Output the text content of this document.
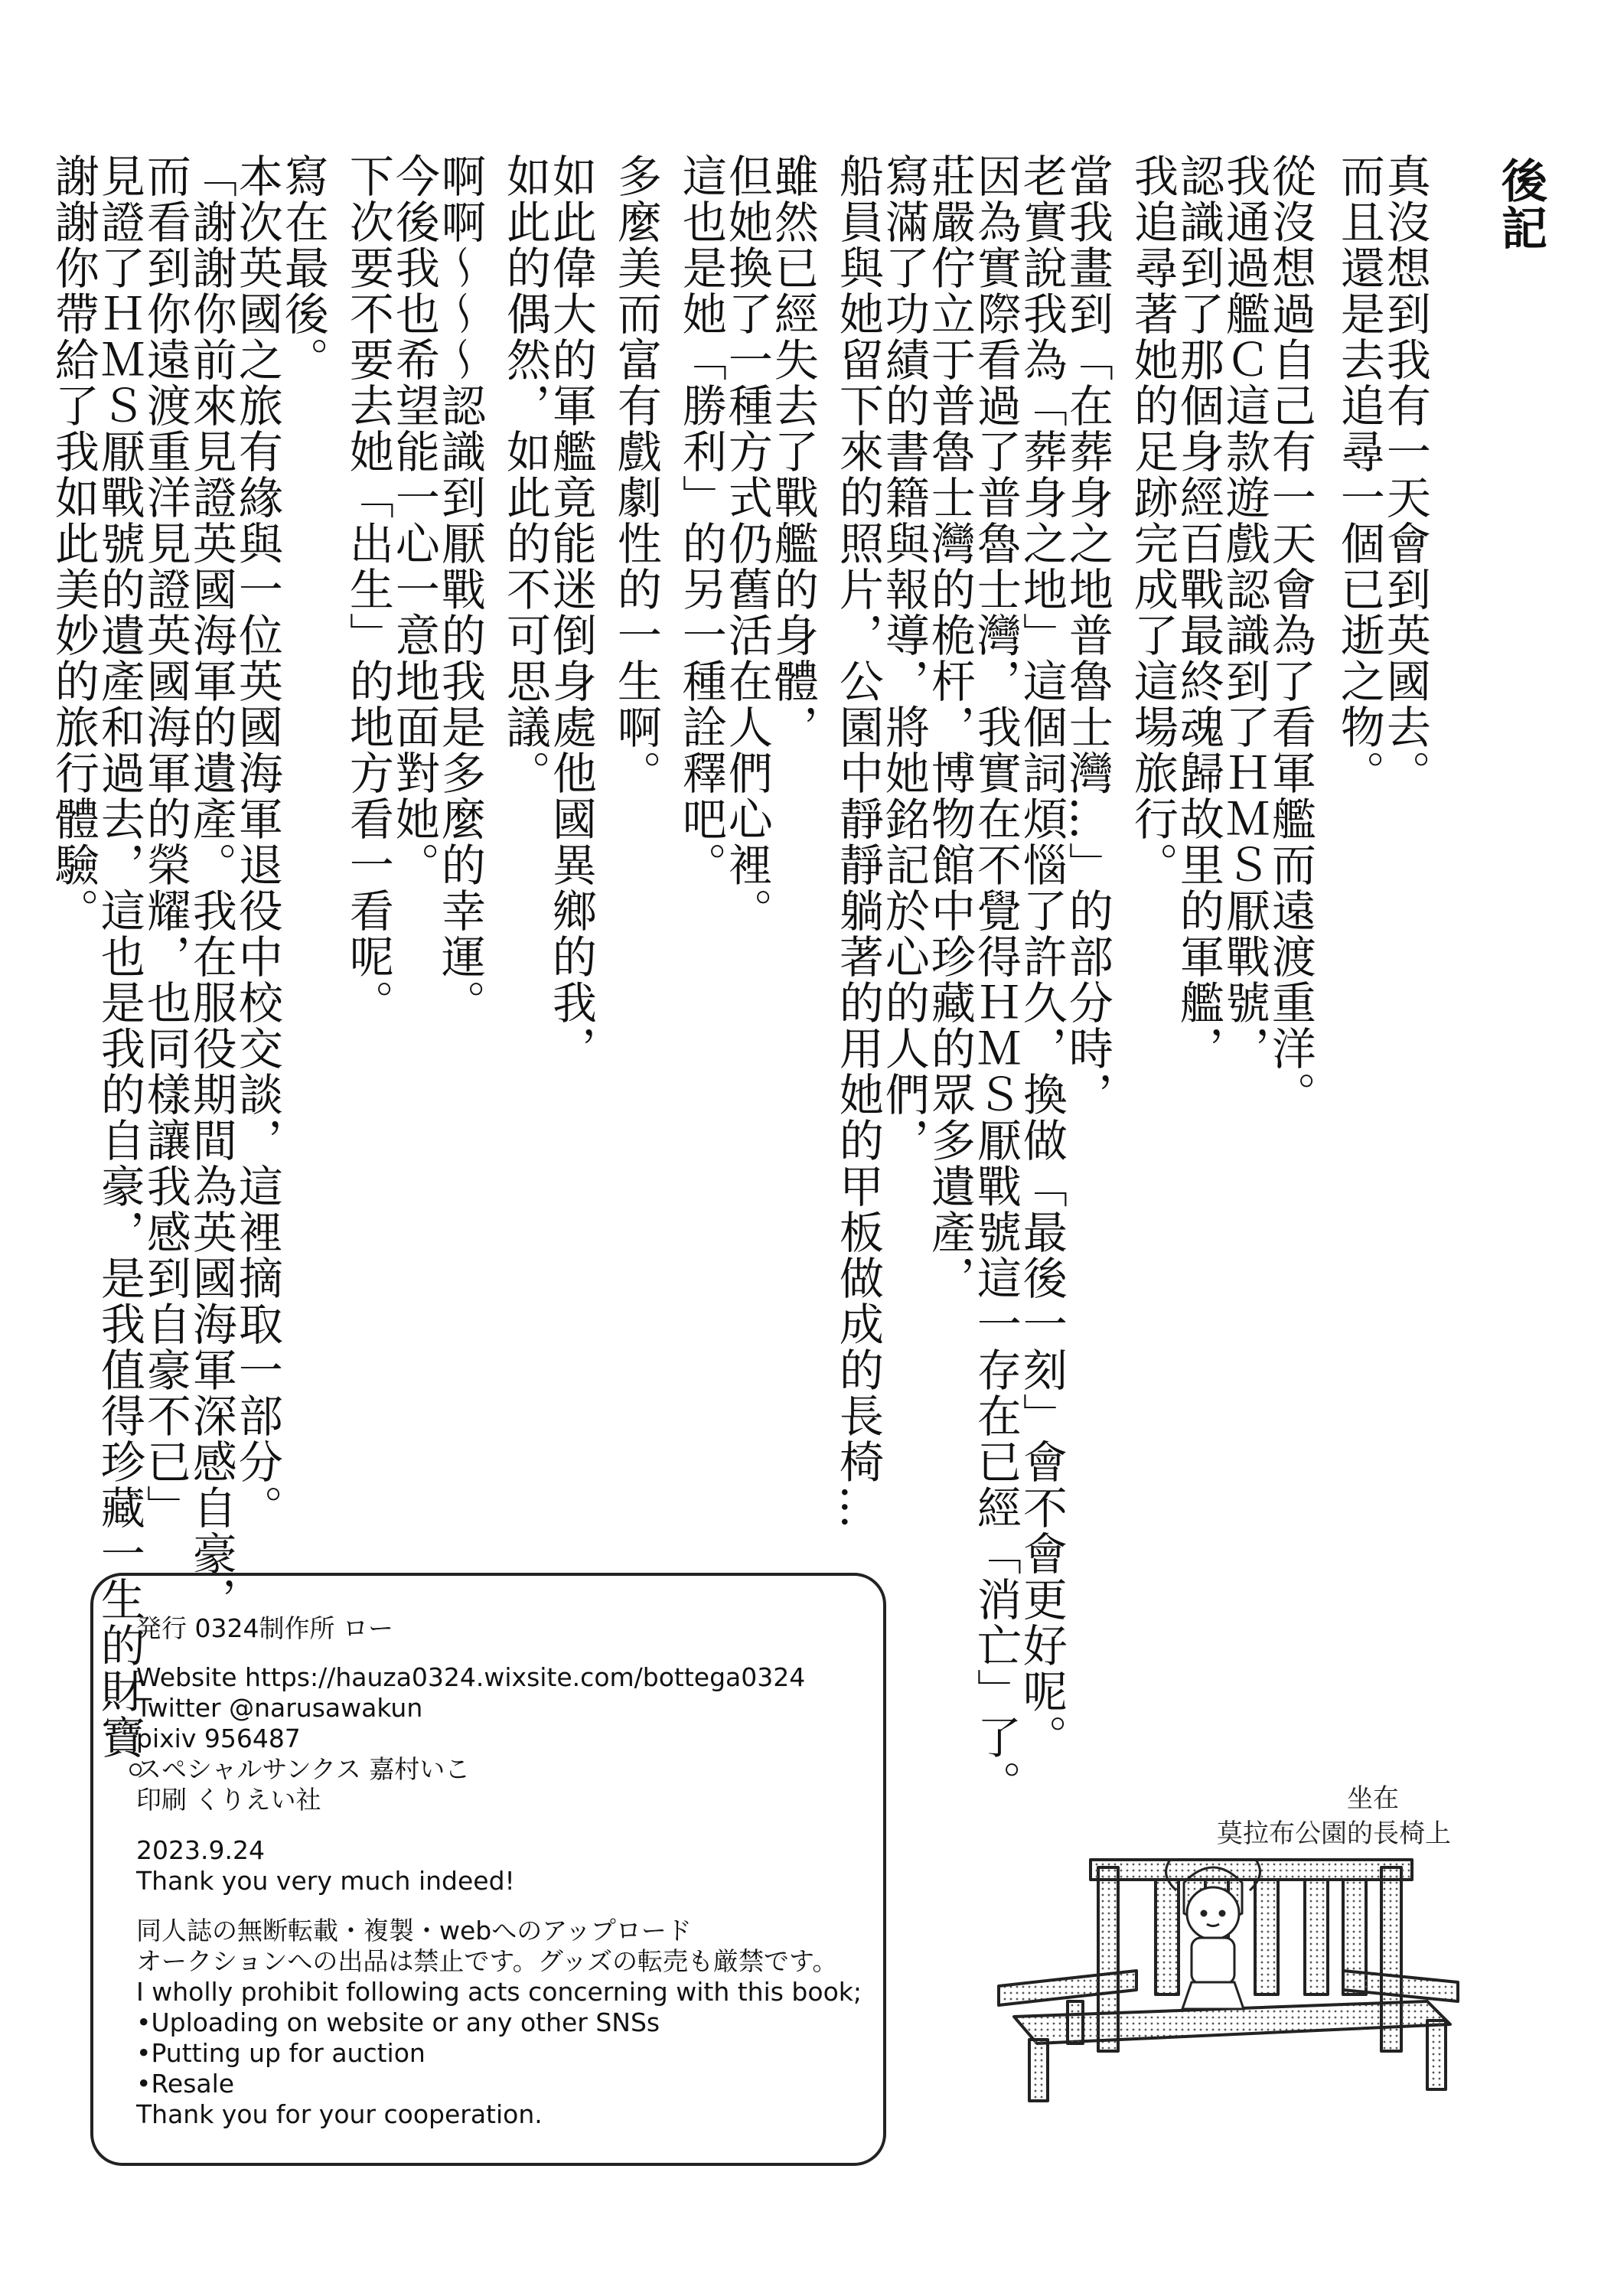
後記
真沒想到我有一天會到英國去。
而且還是去追尋一個已逝之物。
從沒想過自己有一天會為了看軍艦而遠渡重洋。
我通過艦Ｃ這款遊戲認識到了ＨＭＳ厭戰號，
認識到了那個身經百戰最終魂歸故里的軍艦，
我追尋著她的足跡完成了這場旅行。
當我畫到「在葬身之地普魯士灣…」的部分時，
老實說我為「葬身之地」這個詞煩惱了許久，換做「最後一刻」會不會更好呢。
因為實際看過了普魯士灣，我實在不覺得ＨＭＳ厭戰號這一存在已經「消亡」了。
莊嚴佇立于普魯士灣的桅杆，博物館中珍藏的眾多遺產，
寫滿了功績的書籍與報導，將她銘記於心的人們，
船員與她留下來的照片，公園中靜靜躺著的用她的甲板做成的長椅…
雖然已經失去了戰艦的身體，
但她換了一種方式仍舊活在人們心裡。
這也是她「勝利」的另一種詮釋吧。
多麼美而富有戲劇性的一生啊。
如此偉大的軍艦竟能迷倒身處他國異鄉的我，
如此的偶然，如此的不可思議。
啊啊〜〜〜認識到厭戰的我是多麼的幸運。
今後我也希望能一心一意地面對她。
下次要不要去她「出生」的地方看一看呢。
寫在最後。
本次英國之旅有緣與一位英國海軍退役中校交談，這裡摘取一部分。
「謝謝你前來見證英國海軍的遺產。我在服役期間為英國海軍深感自豪，
而看到你遠渡重洋見證英國海軍的榮耀，也同樣讓我感到自豪不已」
見證了ＨＭＳ厭戰號的遺產和過去，這也是我的自豪，是我值得珍藏一生的財寶。
謝謝你帶給了我如此美妙的旅行體驗。
発行 0324制作所 ロー
Website https://hauza0324.wixsite.com/bottega0324
Twitter @narusawakun
pixiv 956487
スペシャルサンクス 嘉村いこ
印刷 くりえい社
2023.9.24
Thank you very much indeed!
同人誌の無断転載・複製・webへのアップロード
オークションへの出品は禁止です。グッズの転売も厳禁です。
I wholly prohibit following acts concerning with this book;
•Uploading on website or any other SNSs
•Putting up for auction
•Resale
Thank you for your cooperation.
坐在
莫拉布公園的長椅上
